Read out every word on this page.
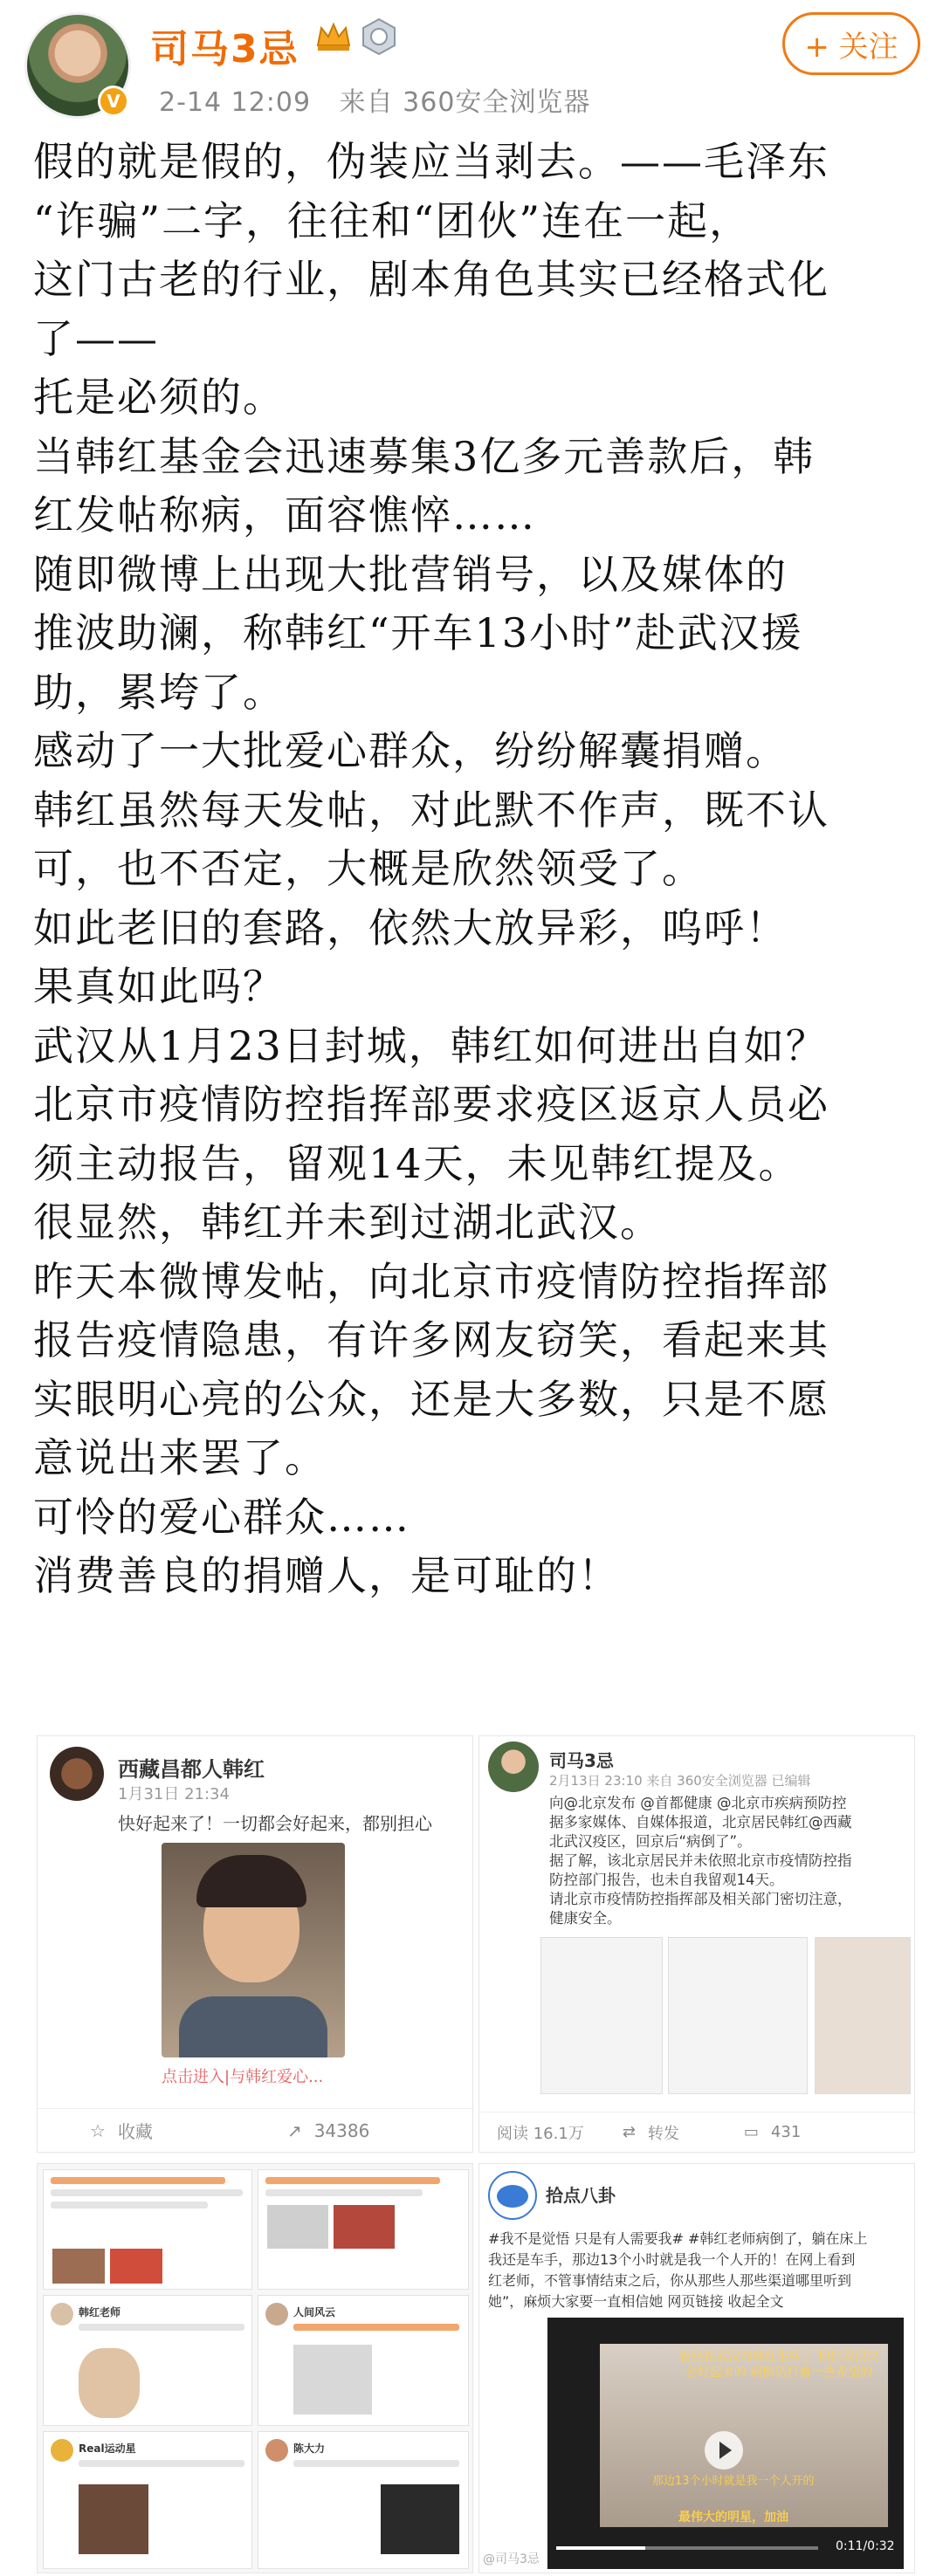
V
司马3忌
2-14 12:09 来自 360安全浏览器
+ 关注

假的就是假的，伪装应当剥去。——毛泽东

“诈骗”二字，往往和“团伙”连在一起，

这门古老的行业，剧本角色其实已经格式化

了——

托是必须的。

当韩红基金会迅速募集3亿多元善款后，韩

红发帖称病，面容憔悴……

随即微博上出现大批营销号，以及媒体的

推波助澜，称韩红“开车13小时”赴武汉援

助，累垮了。

感动了一大批爱心群众，纷纷解囊捐赠。

韩红虽然每天发帖，对此默不作声，既不认

可，也不否定，大概是欣然领受了。

如此老旧的套路，依然大放异彩，呜呼！

果真如此吗？

武汉从1月23日封城，韩红如何进出自如？

北京市疫情防控指挥部要求疫区返京人员必

须主动报告，留观14天，未见韩红提及。

很显然，韩红并未到过湖北武汉。

昨天本微博发帖，向北京市疫情防控指挥部

报告疫情隐患，有许多网友窃笑，看起来其

实眼明心亮的公众，还是大多数，只是不愿

意说出来罢了。

可怜的爱心群众……

消费善良的捐赠人，是可耻的！

西藏昌都人韩红
1月31日 21:34
快好起来了！一切都会好起来，都别担心
点击进入|与韩红爱心...
☆ 收藏	↗ 34386
司马3忌
2月13日 23:10 来自 360安全浏览器 已编辑
向@北京发布 @首都健康 @北京市疾病预防控
据多家媒体、自媒体报道，北京居民韩红@西藏
北武汉疫区，回京后“病倒了”。
据了解，该北京居民并未依照北京市疫情防控指
防控部门报告，也未自我留观14天。
请北京市疫情防控指挥部及相关部门密切注意，
健康安全。
阅读 16.1万 ⇄ 转发	▭ 431
韩红老师	人间风云
Real运动星	陈大力
拾点八卦
#我不是觉悟 只是有人需要我# #韩红老师病倒了，躺在床上
我还是车手，那边13个小时就是我一个人开的！在网上看到
红老师，不管事情结束之后，你从那些人那些渠道哪里听到
她”，麻烦大家要一直相信她 网页链接 收起全文
曾经在武汉的韩红生病了 相信我很快会好起来的 病倒仍打着一些希望的
那边13个小时就是我一个人开的
最伟大的明星，加油
0:11/0:32
@司马3忌
